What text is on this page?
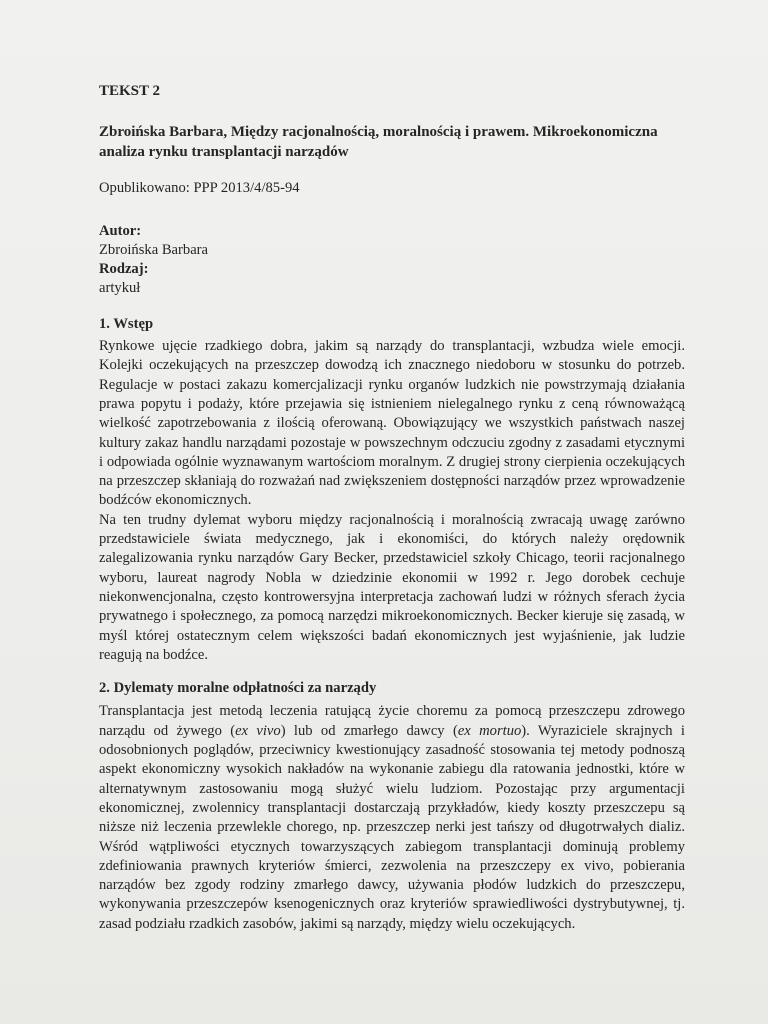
TEKST 2

Zbroińska Barbara, Między racjonalnością, moralnością i prawem. Mikroekonomiczna analiza rynku transplantacji narządów

Opublikowano: PPP 2013/4/85-94

Autor:
Zbroińska Barbara
Rodzaj:
artykuł
1. Wstęp

Rynkowe ujęcie rzadkiego dobra, jakim są narządy do transplantacji, wzbudza wiele emocji. Kolejki oczekujących na przeszczep dowodzą ich znacznego niedoboru w stosunku do potrzeb. Regulacje w postaci zakazu komercjalizacji rynku organów ludzkich nie powstrzymają działania prawa popytu i podaży, które przejawia się istnieniem nielegalnego rynku z ceną równoważącą wielkość zapotrzebowania z ilością oferowaną. Obowiązujący we wszystkich państwach naszej kultury zakaz handlu narządami pozostaje w powszechnym odczuciu zgodny z zasadami etycznymi i odpowiada ogólnie wyznawanym wartościom moralnym. Z drugiej strony cierpienia oczekujących na przeszczep skłaniają do rozważań nad zwiększeniem dostępności narządów przez wprowadzenie bodźców ekonomicznych.

Na ten trudny dylemat wyboru między racjonalnością i moralnością zwracają uwagę zarówno przedstawiciele świata medycznego, jak i ekonomiści, do których należy orędownik zalegalizowania rynku narządów Gary Becker, przedstawiciel szkoły Chicago, teorii racjonalnego wyboru, laureat nagrody Nobla w dziedzinie ekonomii w 1992 r. Jego dorobek cechuje niekonwencjonalna, często kontrowersyjna interpretacja zachowań ludzi w różnych sferach życia prywatnego i społecznego, za pomocą narzędzi mikroekonomicznych. Becker kieruje się zasadą, w myśl której ostatecznym celem większości badań ekonomicznych jest wyjaśnienie, jak ludzie reagują na bodźce.

2. Dylematy moralne odpłatności za narządy

Transplantacja jest metodą leczenia ratującą życie choremu za pomocą przeszczepu zdrowego narządu od żywego (ex vivo) lub od zmarłego dawcy (ex mortuo). Wyraziciele skrajnych i odosobnionych poglądów, przeciwnicy kwestionujący zasadność stosowania tej metody podnoszą aspekt ekonomiczny wysokich nakładów na wykonanie zabiegu dla ratowania jednostki, które w alternatywnym zastosowaniu mogą służyć wielu ludziom. Pozostając przy argumentacji ekonomicznej, zwolennicy transplantacji dostarczają przykładów, kiedy koszty przeszczepu są niższe niż leczenia przewlekle chorego, np. przeszczep nerki jest tańszy od długotrwałych dializ. Wśród wątpliwości etycznych towarzyszących zabiegom transplantacji dominują problemy zdefiniowania prawnych kryteriów śmierci, zezwolenia na przeszczepy ex vivo, pobierania narządów bez zgody rodziny zmarłego dawcy, używania płodów ludzkich do przeszczepu, wykonywania przeszczepów ksenogenicznych oraz kryteriów sprawiedliwości dystrybutywnej, tj. zasad podziału rzadkich zasobów, jakimi są narządy, między wielu oczekujących.
